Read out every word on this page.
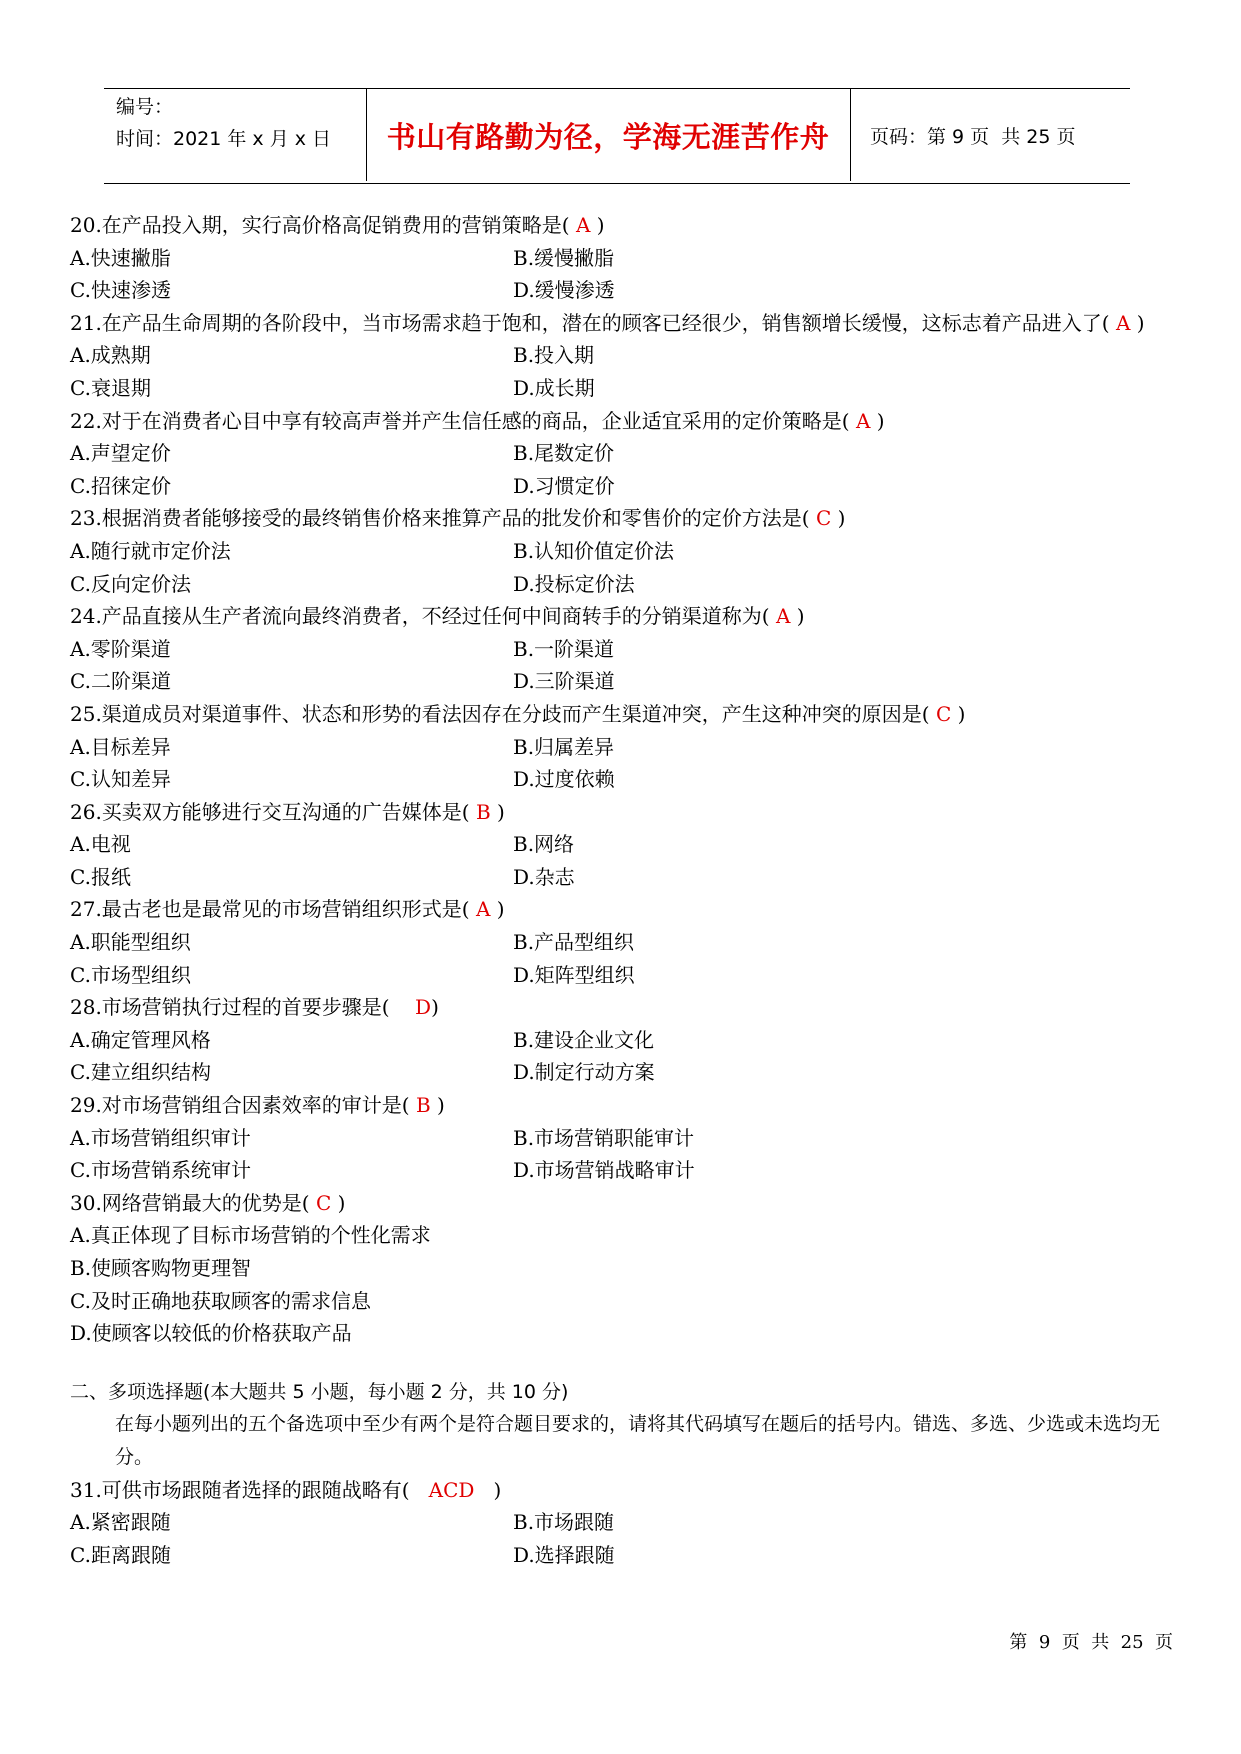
编号：
时间：2021 年 x 月 x 日	书山有路勤为径，学海无涯苦作舟	页码：第 9 页  共 25 页
20.在产品投入期，实行高价格高促销费用的营销策略是( A )
A.快速撇脂	B.缓慢撇脂
C.快速渗透	D.缓慢渗透
21.在产品生命周期的各阶段中，当市场需求趋于饱和，潜在的顾客已经很少，销售额增长缓慢，这标志着产品进入了( A )
A.成熟期	B.投入期
C.衰退期	D.成长期
22.对于在消费者心目中享有较高声誉并产生信任感的商品，企业适宜采用的定价策略是( A )
A.声望定价	B.尾数定价
C.招徕定价	D.习惯定价
23.根据消费者能够接受的最终销售价格来推算产品的批发价和零售价的定价方法是( C )
A.随行就市定价法	B.认知价值定价法
C.反向定价法	D.投标定价法
24.产品直接从生产者流向最终消费者，不经过任何中间商转手的分销渠道称为( A )
A.零阶渠道	B.一阶渠道
C.二阶渠道	D.三阶渠道
25.渠道成员对渠道事件、状态和形势的看法因存在分歧而产生渠道冲突，产生这种冲突的原因是( C )
A.目标差异	B.归属差异
C.认知差异	D.过度依赖
26.买卖双方能够进行交互沟通的广告媒体是( B )
A.电视	B.网络
C.报纸	D.杂志
27.最古老也是最常见的市场营销组织形式是( A )
A.职能型组织	B.产品型组织
C.市场型组织	D.矩阵型组织
28.市场营销执行过程的首要步骤是(    D)
A.确定管理风格	B.建设企业文化
C.建立组织结构	D.制定行动方案
29.对市场营销组合因素效率的审计是( B )
A.市场营销组织审计	B.市场营销职能审计
C.市场营销系统审计	D.市场营销战略审计
30.网络营销最大的优势是( C )
A.真正体现了目标市场营销的个性化需求
B.使顾客购物更理智
C.及时正确地获取顾客的需求信息
D.使顾客以较低的价格获取产品
二、多项选择题(本大题共 5 小题，每小题 2 分，共 10 分)
在每小题列出的五个备选项中至少有两个是符合题目要求的，请将其代码填写在题后的括号内。错选、多选、少选或未选均无分。
31.可供市场跟随者选择的跟随战略有(   ACD   )
A.紧密跟随	B.市场跟随
C.距离跟随	D.选择跟随
第  9  页  共  25  页
